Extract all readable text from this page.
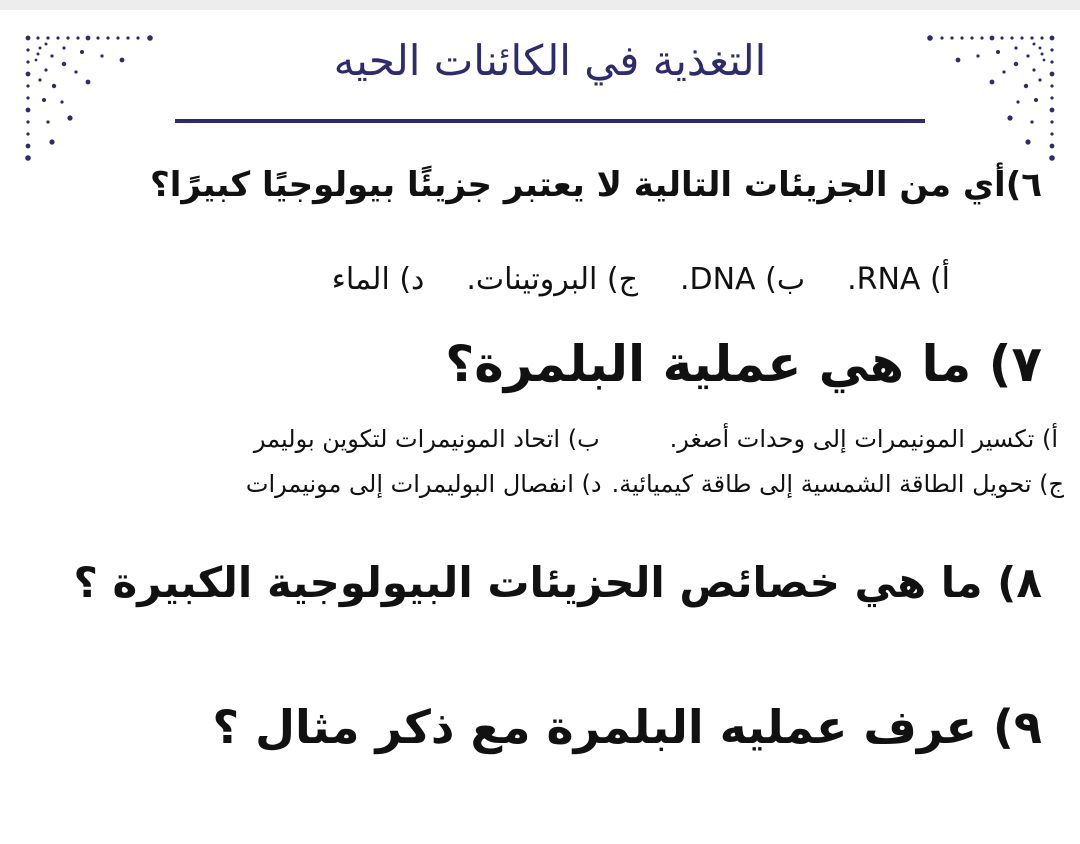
التغذية في الكائنات الحيه
٦)أي من الجزيئات التالية لا يعتبر جزيئًا بيولوجيًا كبيرًا؟
أ) RNA.
ب) DNA.
ج) البروتينات.
د) الماء
٧) ما هي عملية البلمرة؟
أ) تكسير المونيمرات إلى وحدات أصغر.
ب) اتحاد المونيمرات لتكوين بوليمر
ج) تحويل الطاقة الشمسية إلى طاقة كيميائية.
د) انفصال البوليمرات إلى مونيمرات
٨) ما هي خصائص الحزيئات البيولوجية الكبيرة ؟
٩) عرف عمليه البلمرة مع ذكر مثال ؟
